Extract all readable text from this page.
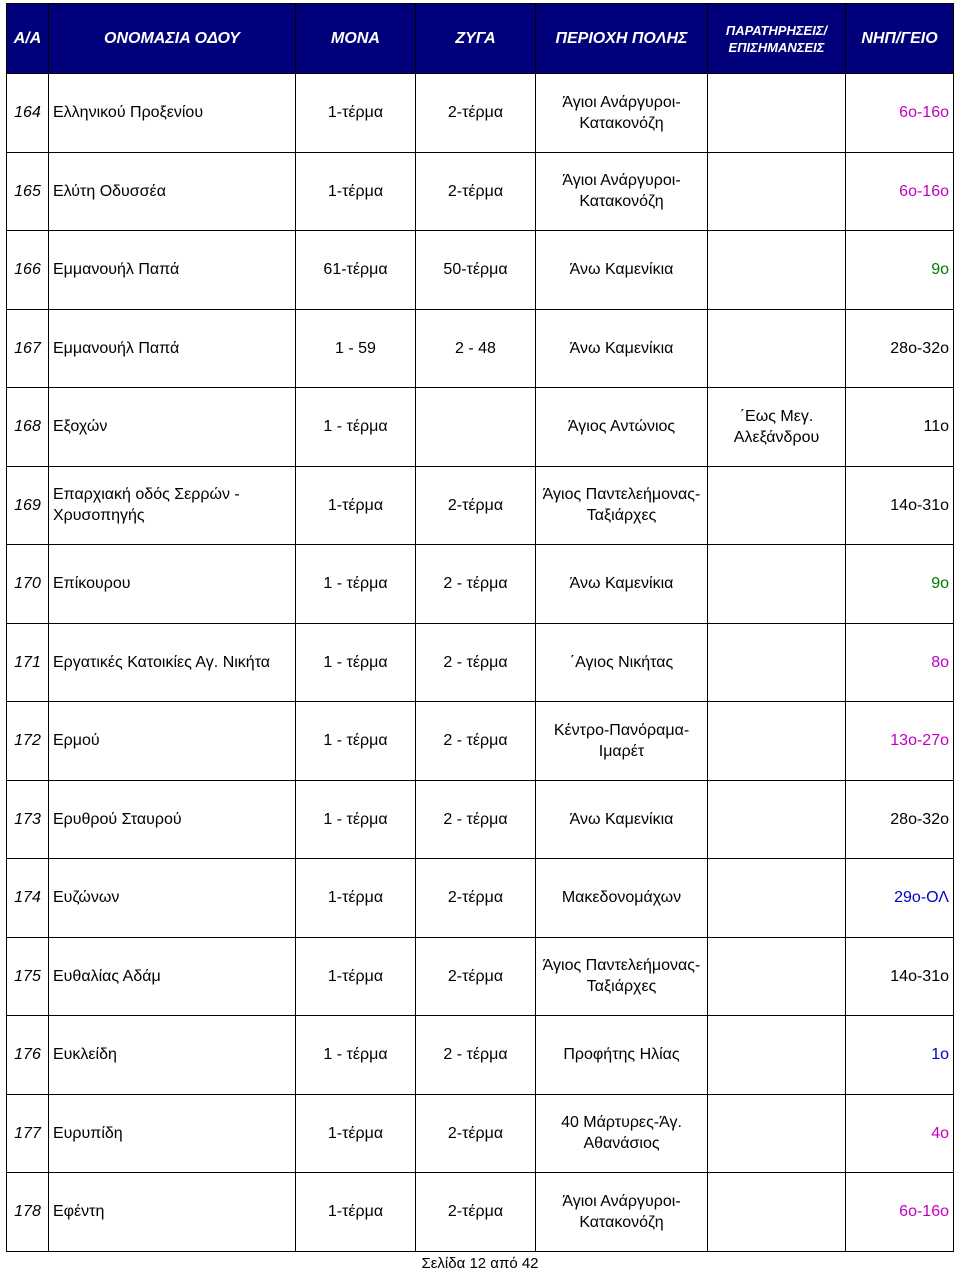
Α/Α	ΟΝΟΜΑΣΙΑ ΟΔΟΥ	ΜΟΝΑ	ΖΥΓΑ	ΠΕΡΙΟΧΗ ΠΟΛΗΣ	ΠΑΡΑΤΗΡΗΣΕΙΣ/
ΕΠΙΣΗΜΑΝΣΕΙΣ	ΝΗΠ/ΓΕΙΟ
164	Ελληνικού Προξενίου	1-τέρμα	2-τέρμα	Άγιοι Ανάργυροι-Κατακονόζη		6ο-16ο
165	Ελύτη Οδυσσέα	1-τέρμα	2-τέρμα	Άγιοι Ανάργυροι-Κατακονόζη		6ο-16ο
166	Εμμανουήλ Παπά	61-τέρμα	50-τέρμα	Άνω Καμενίκια		9ο
167	Εμμανουήλ Παπά	1 - 59	2 - 48	Άνω Καμενίκια		28ο-32ο
168	Εξοχών	1 - τέρμα		Άγιος Αντώνιος	΄Εως Μεγ. Αλεξάνδρου	11ο
169	Επαρχιακή οδός Σερρών - Χρυσοπηγής	1-τέρμα	2-τέρμα	Άγιος Παντελεήμονας-Ταξιάρχες		14ο-31ο
170	Επίκουρου	1 - τέρμα	2 - τέρμα	Άνω Καμενίκια		9ο
171	Εργατικές Κατοικίες Αγ. Νικήτα	1 - τέρμα	2 - τέρμα	΄Αγιος Νικήτας		8ο
172	Ερμού	1 - τέρμα	2 - τέρμα	Κέντρο-Πανόραμα-Ιμαρέτ		13ο-27ο
173	Ερυθρού Σταυρού	1 - τέρμα	2 - τέρμα	Άνω Καμενίκια		28ο-32ο
174	Ευζώνων	1-τέρμα	2-τέρμα	Μακεδονομάχων		29ο-ΟΛ
175	Ευθαλίας Αδάμ	1-τέρμα	2-τέρμα	Άγιος Παντελεήμονας-Ταξιάρχες		14ο-31ο
176	Ευκλείδη	1 - τέρμα	2 - τέρμα	Προφήτης Ηλίας		1ο
177	Ευρυπίδη	1-τέρμα	2-τέρμα	40 Μάρτυρες-Άγ. Αθανάσιος		4ο
178	Εφέντη	1-τέρμα	2-τέρμα	Άγιοι Ανάργυροι-Κατακονόζη		6ο-16ο
Σελίδα 12 από 42
